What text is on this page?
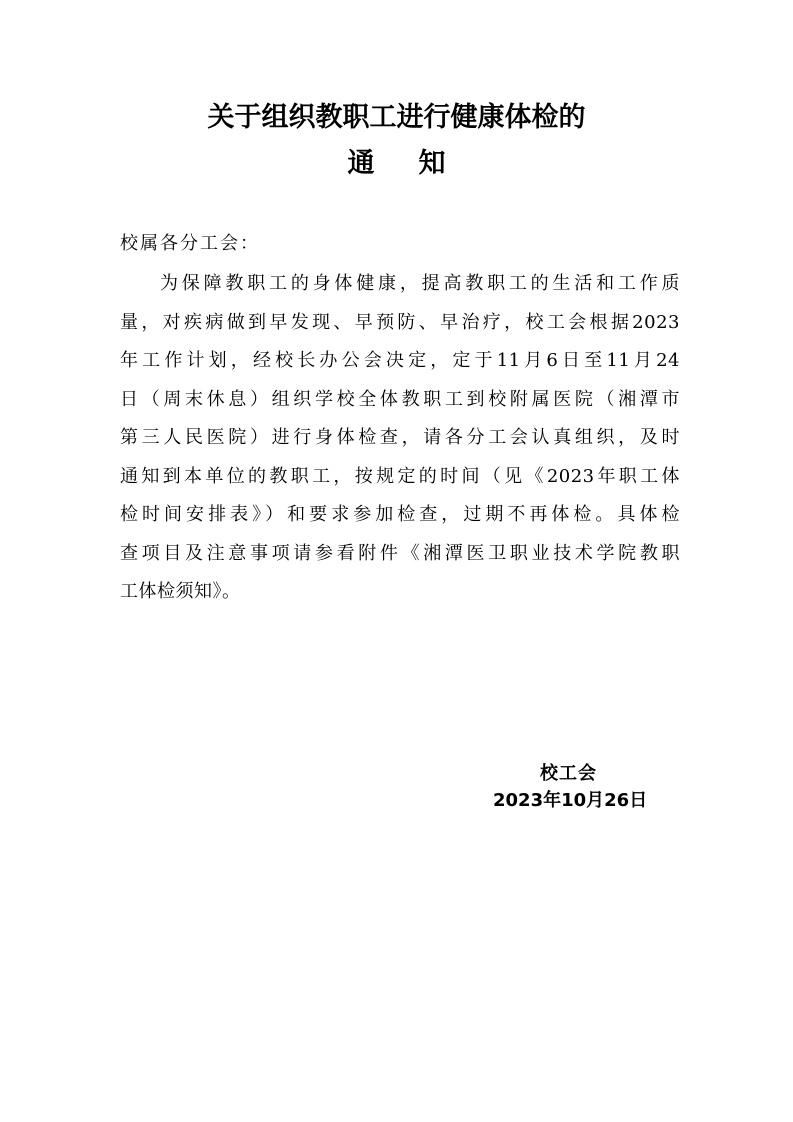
关于组织教职工进行健康体检的
通知
校属各分工会：
为保障教职工的身体健康，提高教职工的生活和工作质
量，对疾病做到早发现、早预防、早治疗，校工会根据2023
年工作计划，经校长办公会决定，定于11月6日至11月24
日（周末休息）组织学校全体教职工到校附属医院（湘潭市
第三人民医院）进行身体检查，请各分工会认真组织，及时
通知到本单位的教职工，按规定的时间（见《2023年职工体
检时间安排表》）和要求参加检查，过期不再体检。具体检
查项目及注意事项请参看附件《湘潭医卫职业技术学院教职
工体检须知》。
校工会
2023年10月26日
